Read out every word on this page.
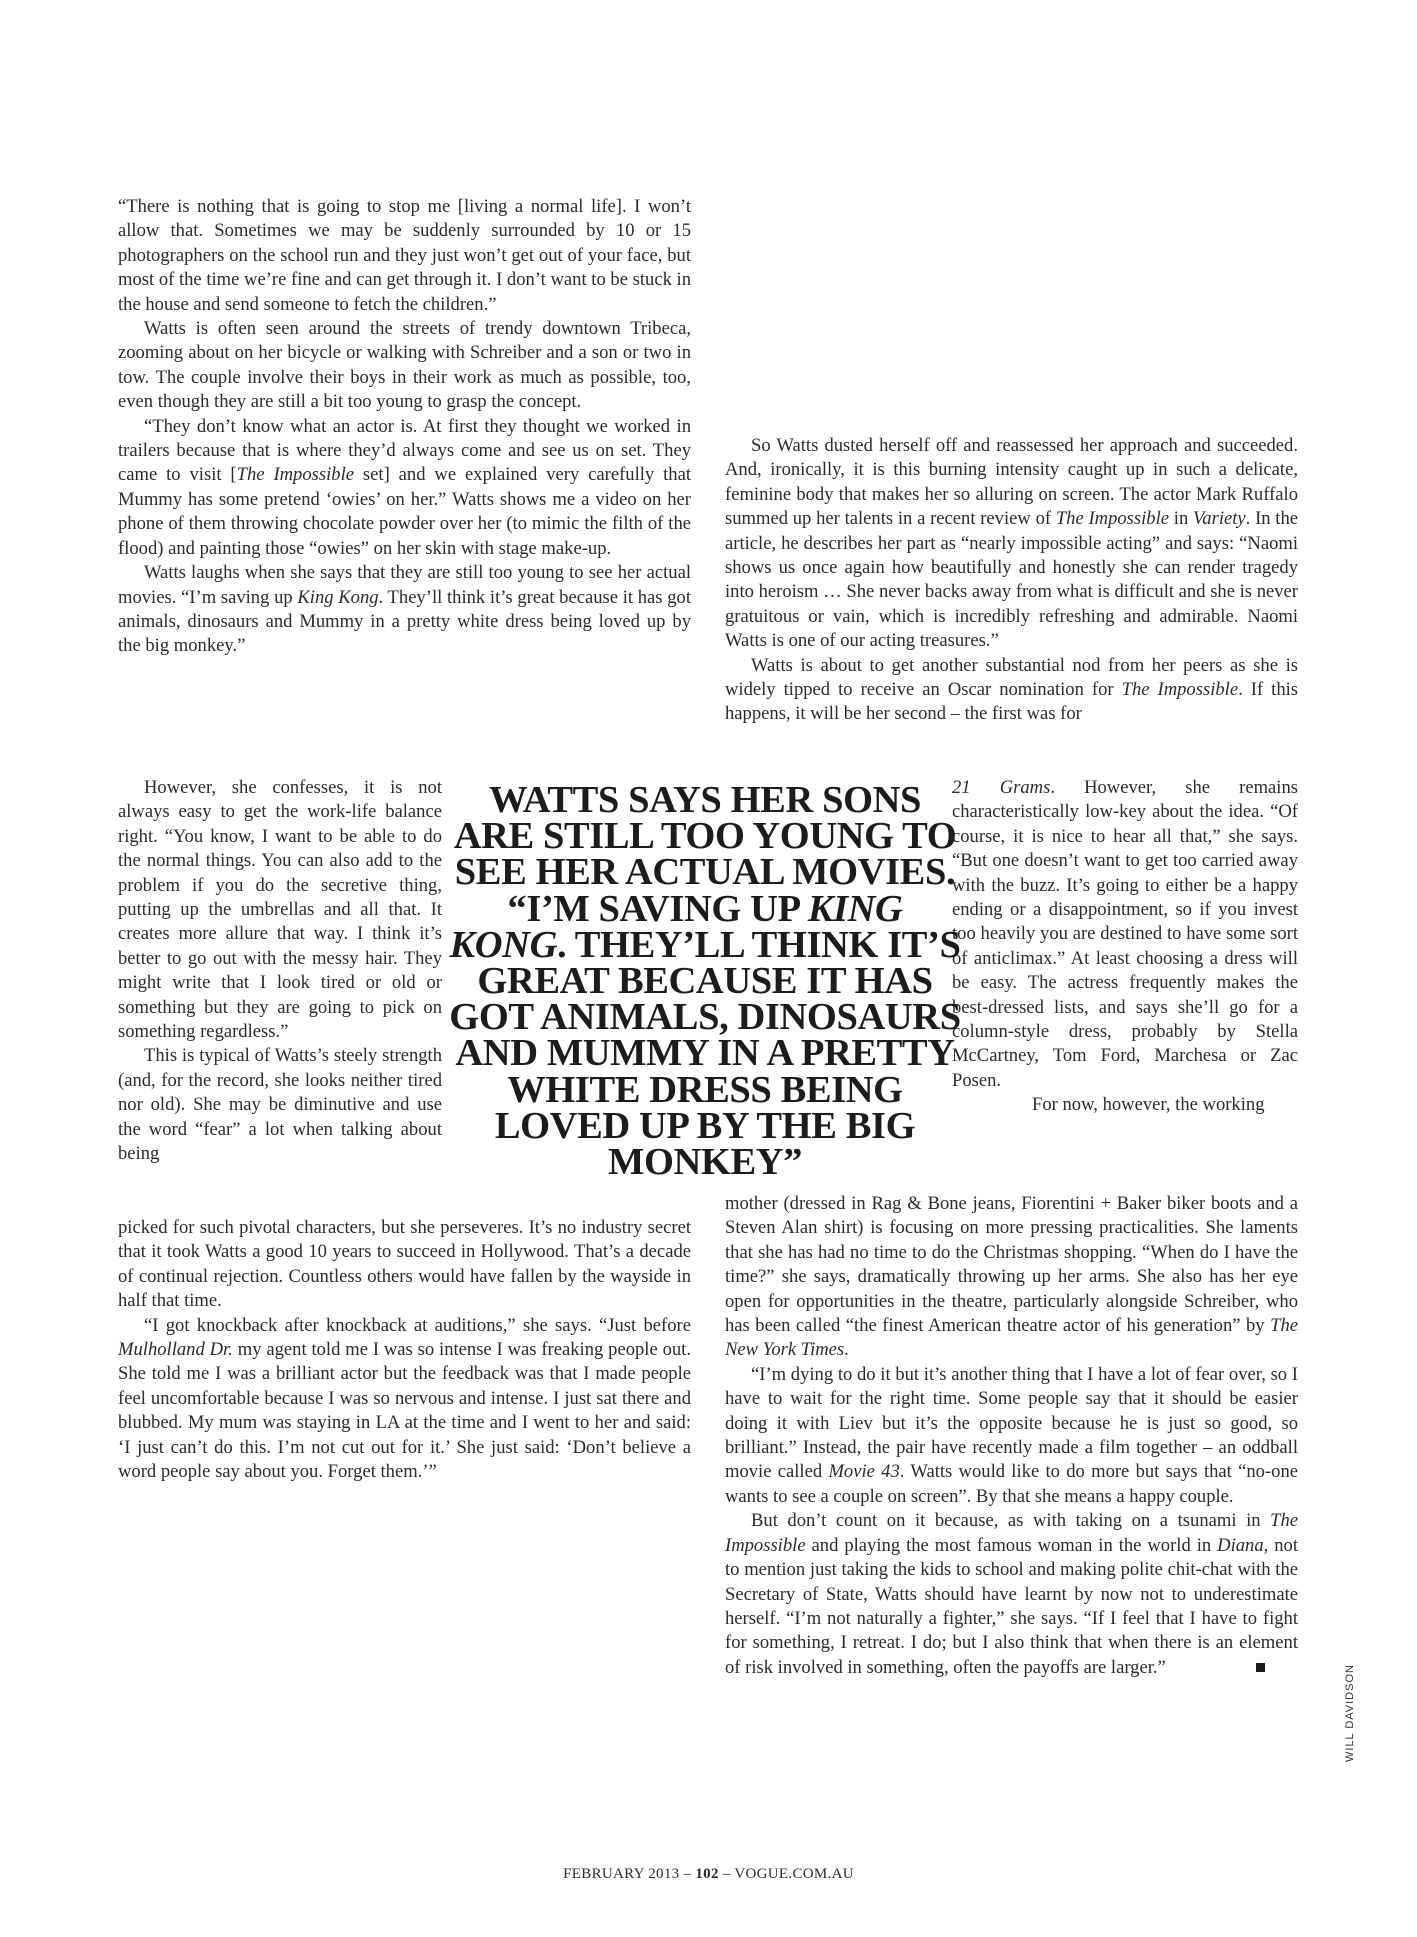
“There is nothing that is going to stop me [living a normal life]. I won’t allow that. Sometimes we may be suddenly surrounded by 10 or 15 photographers on the school run and they just won’t get out of your face, but most of the time we’re fine and can get through it. I don’t want to be stuck in the house and send someone to fetch the children.”

Watts is often seen around the streets of trendy downtown Tribeca, zooming about on her bicycle or walking with Schreiber and a son or two in tow. The couple involve their boys in their work as much as possible, too, even though they are still a bit too young to grasp the concept.

“They don’t know what an actor is. At first they thought we worked in trailers because that is where they’d always come and see us on set. They came to visit [The Impossible set] and we explained very carefully that Mummy has some pretend ‘owies’ on her.” Watts shows me a video on her phone of them throwing chocolate powder over her (to mimic the filth of the flood) and painting those “owies” on her skin with stage make-up.

Watts laughs when she says that they are still too young to see her actual movies. “I’m saving up King Kong. They’ll think it’s great because it has got animals, dinosaurs and Mummy in a pretty white dress being loved up by the big monkey.”

However, she confesses, it is not always easy to get the work-life balance right. “You know, I want to be able to do the normal things. You can also add to the problem if you do the secretive thing, putting up the umbrellas and all that. It creates more allure that way. I think it’s better to go out with the messy hair. They might write that I look tired or old or something but they are going to pick on something regardless.”

This is typical of Watts’s steely strength (and, for the record, she looks neither tired nor old). She may be diminutive and use the word “fear” a lot when talking about being

picked for such pivotal characters, but she perseveres. It’s no industry secret that it took Watts a good 10 years to succeed in Hollywood. That’s a decade of continual rejection. Countless others would have fallen by the wayside in half that time.

“I got knockback after knockback at auditions,” she says. “Just before Mulholland Dr. my agent told me I was so intense I was freaking people out. She told me I was a brilliant actor but the feedback was that I made people feel uncomfortable because I was so nervous and intense. I just sat there and blubbed. My mum was staying in LA at the time and I went to her and said: ‘I just can’t do this. I’m not cut out for it.’ She just said: ‘Don’t believe a word people say about you. Forget them.’”

So Watts dusted herself off and reassessed her approach and succeeded. And, ironically, it is this burning intensity caught up in such a delicate, feminine body that makes her so alluring on screen. The actor Mark Ruffalo summed up her talents in a recent review of The Impossible in Variety. In the article, he describes her part as “nearly impossible acting” and says: “Naomi shows us once again how beautifully and honestly she can render tragedy into heroism … She never backs away from what is difficult and she is never gratuitous or vain, which is incredibly refreshing and admirable. Naomi Watts is one of our acting treasures.”

Watts is about to get another substantial nod from her peers as she is widely tipped to receive an Oscar nomination for The Impossible. If this happens, it will be her second – the first was for

21 Grams. However, she remains characteristically low-key about the idea. “Of course, it is nice to hear all that,” she says. “But one doesn’t want to get too carried away with the buzz. It’s going to either be a happy ending or a disappointment, so if you invest too heavily you are destined to have some sort of anticlimax.” At least choosing a dress will be easy. The actress frequently makes the best-dressed lists, and says she’ll go for a column-style dress, probably by Stella McCartney, Tom Ford, Marchesa or Zac Posen.

For now, however, the working

mother (dressed in Rag & Bone jeans, Fiorentini + Baker biker boots and a Steven Alan shirt) is focusing on more pressing practicalities. She laments that she has had no time to do the Christmas shopping. “When do I have the time?” she says, dramatically throwing up her arms. She also has her eye open for opportunities in the theatre, particularly alongside Schreiber, who has been called “the finest American theatre actor of his generation” by The New York Times.

“I’m dying to do it but it’s another thing that I have a lot of fear over, so I have to wait for the right time. Some people say that it should be easier doing it with Liev but it’s the opposite because he is just so good, so brilliant.” Instead, the pair have recently made a film together – an oddball movie called Movie 43. Watts would like to do more but says that “no-one wants to see a couple on screen”. By that she means a happy couple.

But don’t count on it because, as with taking on a tsunami in The Impossible and playing the most famous woman in the world in Diana, not to mention just taking the kids to school and making polite chit-chat with the Secretary of State, Watts should have learnt by now not to underestimate herself. “I’m not naturally a fighter,” she says. “If I feel that I have to fight for something, I retreat. I do; but I also think that when there is an element of risk involved in something, often the payoffs are larger.”

WATTS SAYS HER SONS ARE STILL TOO YOUNG TO SEE HER ACTUAL MOVIES. “I’M SAVING UP KING KONG. THEY’LL THINK IT’S GREAT BECAUSE IT HAS GOT ANIMALS, DINOSAURS AND MUMMY IN A PRETTY WHITE DRESS BEING LOVED UP BY THE BIG MONKEY”
FEBRUARY 2013 – 102 – VOGUE.COM.AU
WILL DAVIDSON
